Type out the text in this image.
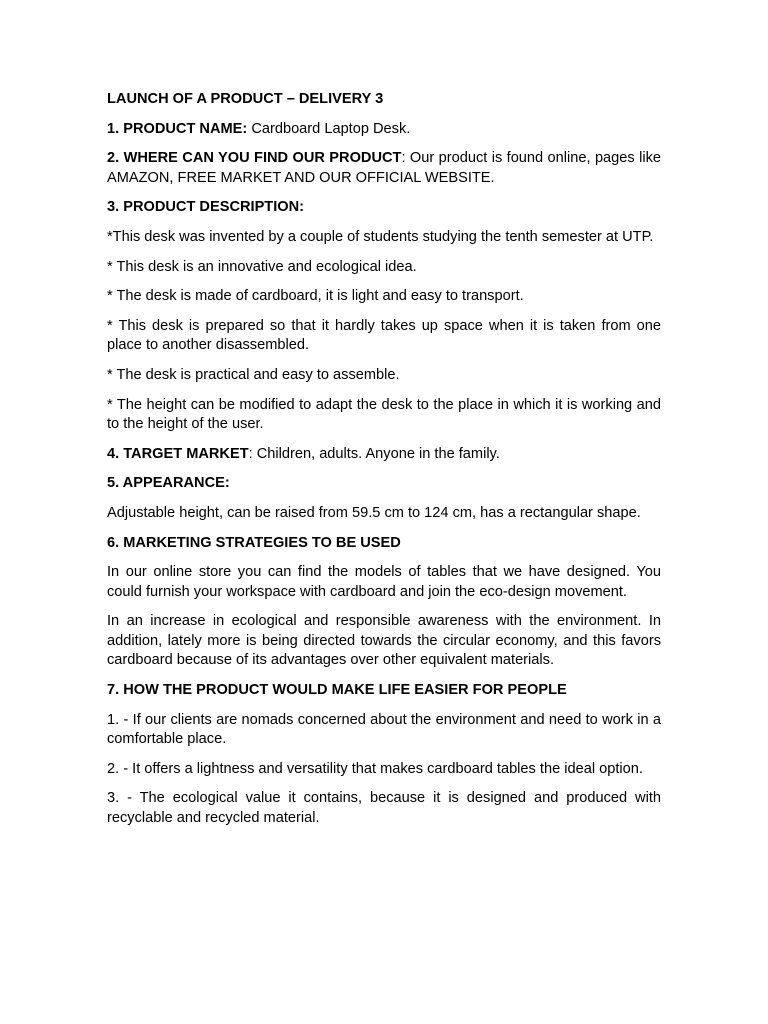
LAUNCH OF A PRODUCT – DELIVERY 3

1. PRODUCT NAME: Cardboard Laptop Desk.

2. WHERE CAN YOU FIND OUR PRODUCT: Our product is found online, pages like AMAZON, FREE MARKET AND OUR OFFICIAL WEBSITE.

3. PRODUCT DESCRIPTION:

*This desk was invented by a couple of students studying the tenth semester at UTP.

* This desk is an innovative and ecological idea.

* The desk is made of cardboard, it is light and easy to transport.

* This desk is prepared so that it hardly takes up space when it is taken from one place to another disassembled.

* The desk is practical and easy to assemble.

* The height can be modified to adapt the desk to the place in which it is working and to the height of the user.

4. TARGET MARKET: Children, adults. Anyone in the family.

5. APPEARANCE:

Adjustable height, can be raised from 59.5 cm to 124 cm, has a rectangular shape.

6. MARKETING STRATEGIES TO BE USED

In our online store you can find the models of tables that we have designed. You could furnish your workspace with cardboard and join the eco-design movement.

In an increase in ecological and responsible awareness with the environment. In addition, lately more is being directed towards the circular economy, and this favors cardboard because of its advantages over other equivalent materials.

7. HOW THE PRODUCT WOULD MAKE LIFE EASIER FOR PEOPLE

1. - If our clients are nomads concerned about the environment and need to work in a comfortable place.

2. - It offers a lightness and versatility that makes cardboard tables the ideal option.

3. - The ecological value it contains, because it is designed and produced with recyclable and recycled material.
